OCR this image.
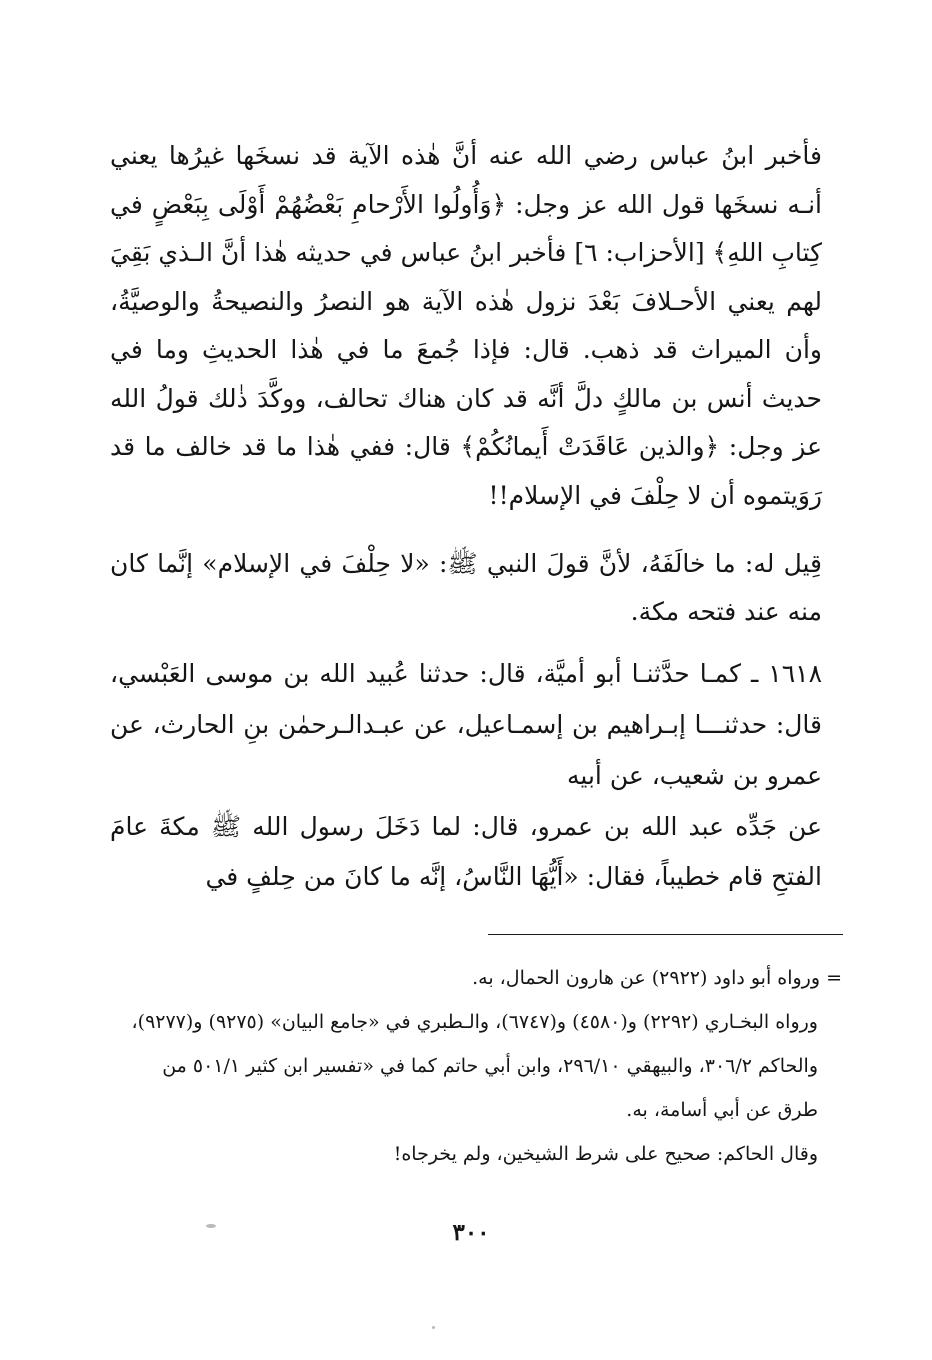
فأخبر ابنُ عباس رضي الله عنه أنَّ هٰذه الآية قد نسخَها غيرُها يعني أنـه نسخَها قول الله عز وجل: ﴿وَأُولُوا الأَرْحامِ بَعْضُهُمْ أَوْلَى بِبَعْضٍ في كِتابِ اللهِ﴾ [الأحزاب: ٦] فأخبر ابنُ عباس في حديثه هٰذا أنَّ الـذي بَقِيَ لهم يعني الأحـلافَ بَعْدَ نزول هٰذه الآية هو النصرُ والنصيحةُ والوصيَّةُ، وأن الميراث قد ذهب. قال: فإذا جُمعَ ما في هٰذا الحديثِ وما في حديث أنس بن مالكٍ دلَّ أنَّه قد كان هناك تحالف، ووكَّدَ ذٰلك قولُ الله عز وجل: ﴿والذين عَاقَدَتْ أَيمانُكُمْ﴾ قال: ففي هٰذا ما قد خالف ما قد رَوَيتموه أن لا حِلْفَ في الإسلام!!

قِيل له: ما خالَفَهُ، لأنَّ قولَ النبي ﷺ: «لا حِلْفَ في الإسلام» إنَّما كان منه عند فتحه مكة.

١٦١٨ ـ كمـا حدَّثنـا أبو أميَّة، قال: حدثنا عُبيد الله بن موسى العَبْسي، قال: حدثنـــا إبـراهيم بن إسمـاعيل، عن عبـدالـرحمٰن بنِ الحارث، عن عمرو بن شعيب، عن أبيه

عن جَدِّه عبد الله بن عمرو، قال: لما دَخَلَ رسول الله ﷺ مكةَ عامَ الفتحِ قام خطيباً، فقال: «أَيُّهَا النَّاسُ، إنَّه ما كانَ من حِلفٍ في

= ورواه أبو داود (٢٩٢٢) عن هارون الحمال، به.

ورواه البخـاري (٢٢٩٢) و(٤٥٨٠) و(٦٧٤٧)، والـطبري في «جامع البيان» (٩٢٧٥) و(٩٢٧٧)، والحاكم ٣٠٦/٢، والبيهقي ٢٩٦/١٠، وابن أبي حاتم كما في «تفسير ابن كثير ٥٠١/١ من طرق عن أبي أسامة، به.

وقال الحاكم: صحيح على شرط الشيخين، ولم يخرجاه!

٣٠٠
